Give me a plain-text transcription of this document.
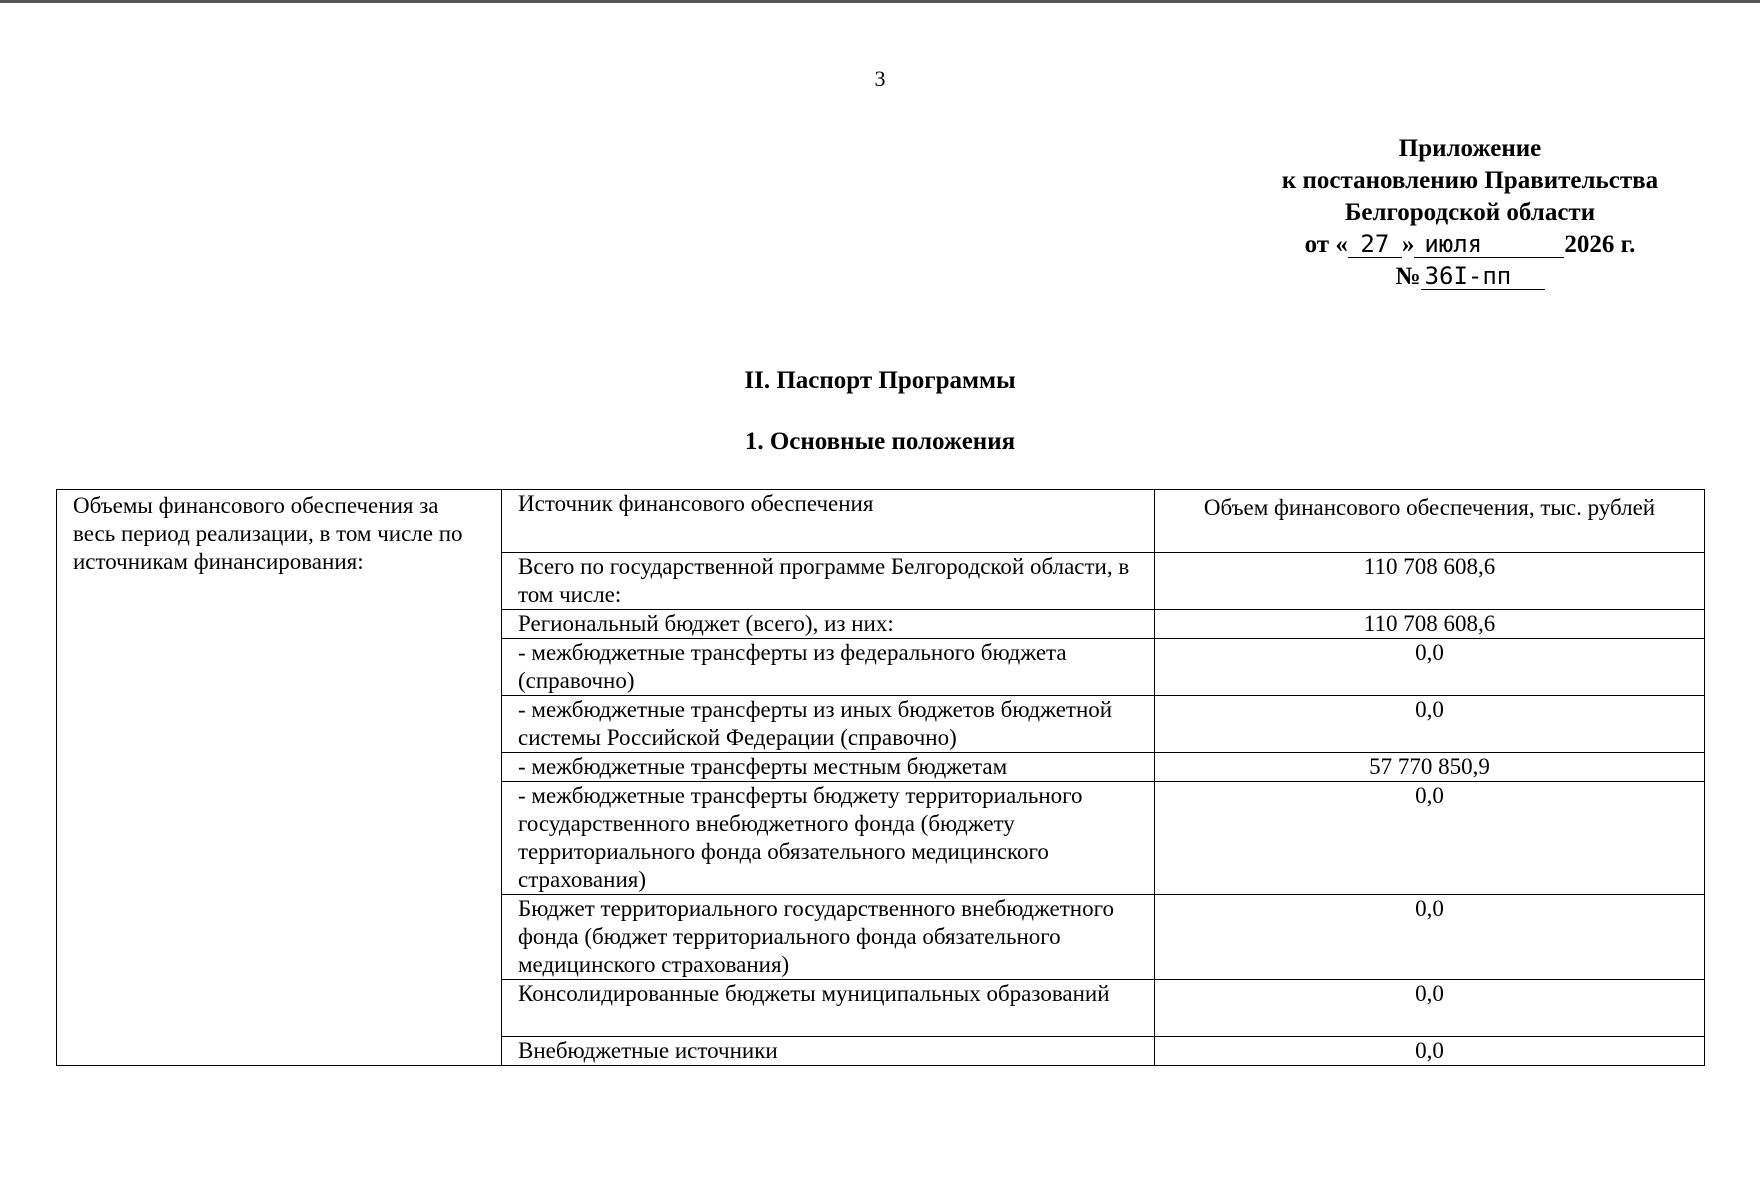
3
Приложение
к постановлению Правительства
Белгородской области
от « 27 » июля	2026 г.
№ 36I-пп
II. Паспорт Программы
1. Основные положения
Объемы финансового обеспечения за весь период реализации, в том числе по источникам финансирования:	Источник финансового обеспечения	Объем финансового обеспечения, тыс. рублей
	Всего по государственной программе Белгородской области, в том числе:	110 708 608,6
	Региональный бюджет (всего), из них:	110 708 608,6
	- межбюджетные трансферты из федерального бюджета (справочно)	0,0
	- межбюджетные трансферты из иных бюджетов бюджетной системы Российской Федерации (справочно)	0,0
	- межбюджетные трансферты местным бюджетам	57 770 850,9
	- межбюджетные трансферты бюджету территориального государственного внебюджетного фонда (бюджету территориального фонда обязательного медицинского страхования)	0,0
	Бюджет территориального государственного внебюджетного фонда (бюджет территориального фонда обязательного медицинского страхования)	0,0
	Консолидированные бюджеты муниципальных образований	0,0
	Внебюджетные источники	0,0
